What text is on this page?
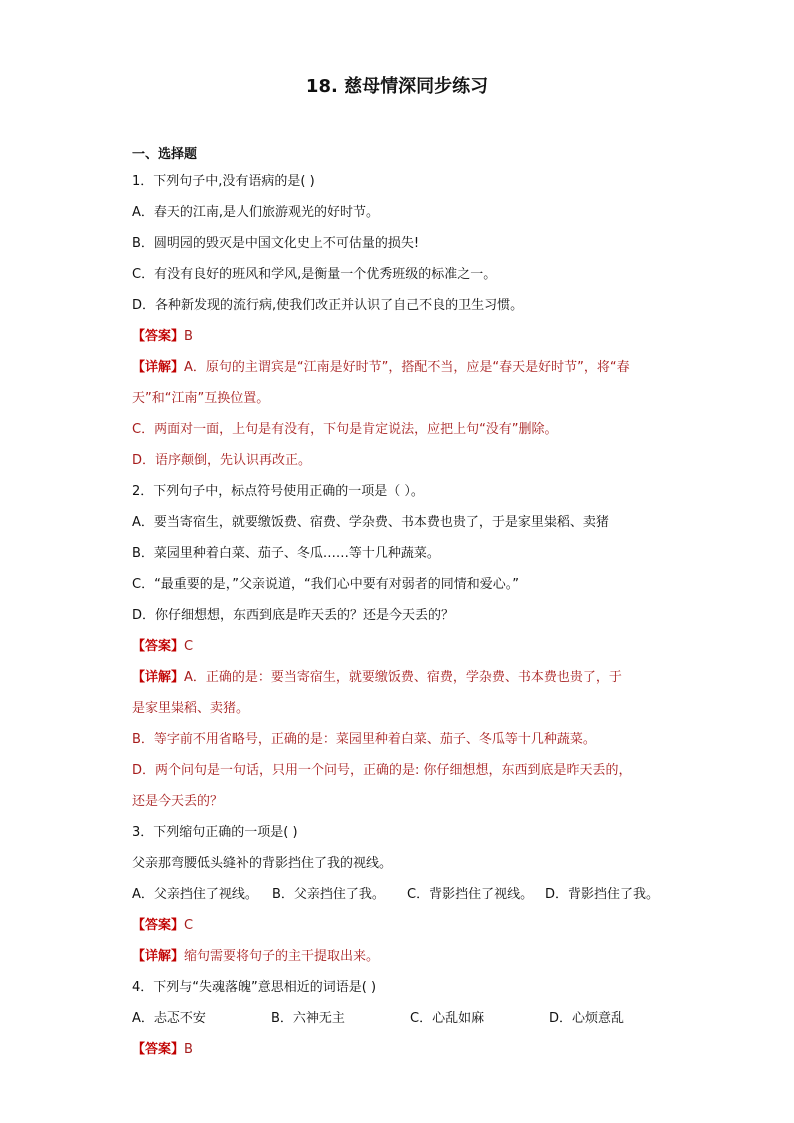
18. 慈母情深同步练习
一、选择题
1．下列句子中,没有语病的是( )
A．春天的江南,是人们旅游观光的好时节。
B．圆明园的毁灭是中国文化史上不可估量的损失!
C．有没有良好的班风和学风,是衡量一个优秀班级的标准之一。
D．各种新发现的流行病,使我们改正并认识了自己不良的卫生习惯。
【答案】B
【详解】A．原句的主谓宾是“江南是好时节”，搭配不当，应是“春天是好时节”，将“春
天”和“江南”互换位置。
C．两面对一面，上句是有没有，下句是肯定说法，应把上句“没有”删除。
D．语序颠倒，先认识再改正。
2．下列句子中，标点符号使用正确的一项是（ ）。
A．要当寄宿生，就要缴饭费、宿费、学杂费、书本费也贵了，于是家里粜稻、卖猪
B．菜园里种着白菜、茄子、冬瓜……等十几种蔬菜。
C．“最重要的是，”父亲说道，“我们心中要有对弱者的同情和爱心。”
D．你仔细想想，东西到底是昨天丢的？还是今天丢的？
【答案】C
【详解】A．正确的是：要当寄宿生，就要缴饭费、宿费，学杂费、书本费也贵了，于
是家里粜稻、卖猪。
B．等字前不用省略号，正确的是：菜园里种着白菜、茄子、冬瓜等十几种蔬菜。
D．两个问句是一句话，只用一个问号，正确的是: 你仔细想想，东西到底是昨天丢的，
还是今天丢的？
3．下列缩句正确的一项是( )
父亲那弯腰低头缝补的背影挡住了我的视线。
A．父亲挡住了视线。	B．父亲挡住了我。	C．背影挡住了视线。 D．背影挡住了我。
【答案】C
【详解】缩句需要将句子的主干提取出来。
4．下列与“失魂落魄”意思相近的词语是( )
A．忐忑不安	B．六神无主	C．心乱如麻	D．心烦意乱
【答案】B
